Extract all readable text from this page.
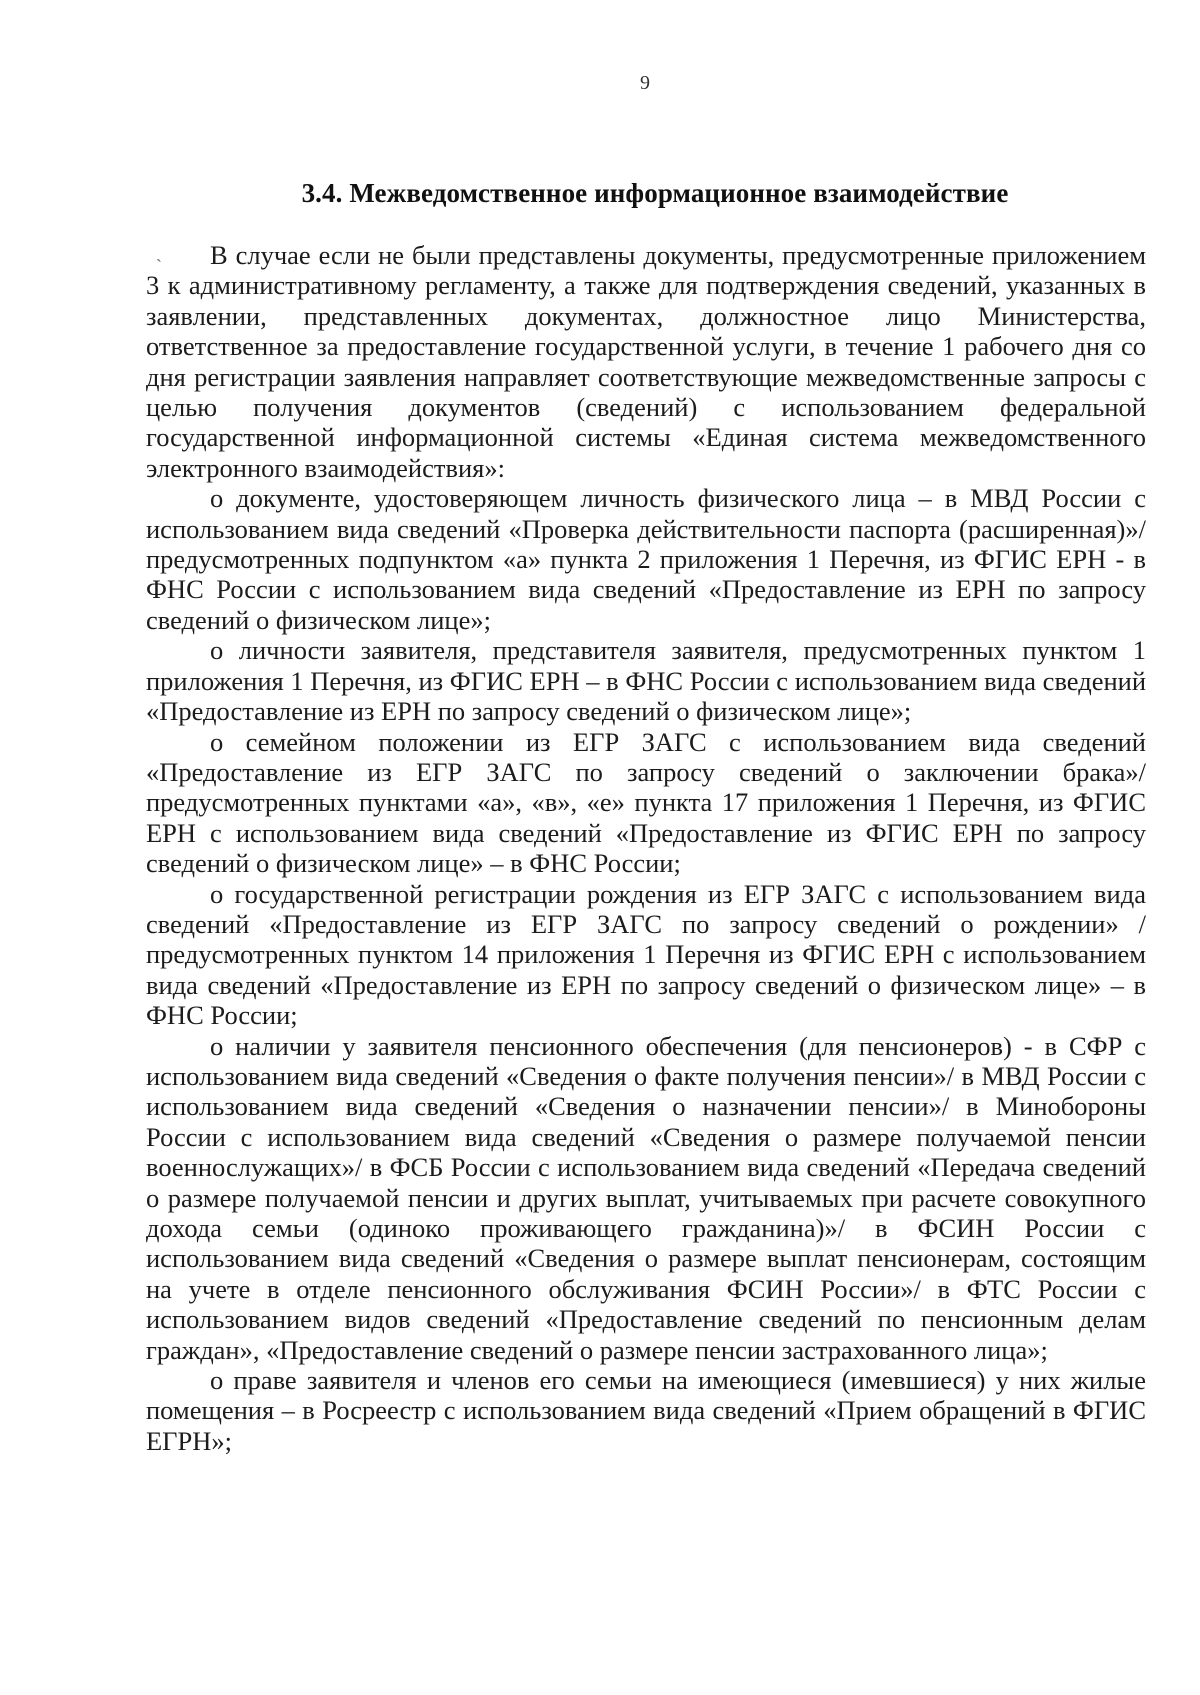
9
3.4. Межведомственное информационное взаимодействие
ˎ	В случае если не были представлены документы, предусмотренные приложением 3 к административному регламенту, а также для подтверждения сведений, указанных в заявлении, представленных документах, должностное лицо Министерства, ответственное за предоставление государственной услуги, в течение 1 рабочего дня со дня регистрации заявления направляет соответствующие межведомственные запросы с целью получения документов (сведений) с использованием федеральной государственной информационной системы «Единая система межведомственного электронного взаимодействия»:

о документе, удостоверяющем личность физического лица – в МВД России с использованием вида сведений «Проверка действительности паспорта (расширенная)»/предусмотренных подпунктом «а» пункта 2 приложения 1 Перечня, из ФГИС ЕРН - в ФНС России с использованием вида сведений «Предоставление из ЕРН по запросу сведений о физическом лице»;

о личности заявителя, представителя заявителя, предусмотренных пунктом 1 приложения 1 Перечня, из ФГИС ЕРН – в ФНС России с использованием вида сведений «Предоставление из ЕРН по запросу сведений о физическом лице»;

о семейном положении из ЕГР ЗАГС с использованием вида сведений «Предоставление из ЕГР ЗАГС по запросу сведений о заключении брака»/предусмотренных пунктами «а», «в», «е» пункта 17 приложения 1 Перечня, из ФГИС ЕРН с использованием вида сведений «Предоставление из ФГИС ЕРН по запросу сведений о физическом лице» – в ФНС России;

о государственной регистрации рождения из ЕГР ЗАГС с использованием вида сведений «Предоставление из ЕГР ЗАГС по запросу сведений о рождении» /предусмотренных пунктом 14 приложения 1 Перечня из ФГИС ЕРН с использованием вида сведений «Предоставление из ЕРН по запросу сведений о физическом лице» – в ФНС России;

о наличии у заявителя пенсионного обеспечения (для пенсионеров) - в СФР с использованием вида сведений «Сведения о факте получения пенсии»/ в МВД России с использованием вида сведений «Сведения о назначении пенсии»/ в Минобороны России с использованием вида сведений «Сведения о размере получаемой пенсии военнослужащих»/ в ФСБ России с использованием вида сведений «Передача сведений о размере получаемой пенсии и других выплат, учитываемых при расчете совокупного дохода семьи (одиноко проживающего гражданина)»/ в ФСИН России с использованием вида сведений «Сведения о размере выплат пенсионерам, состоящим на учете в отделе пенсионного обслуживания ФСИН России»/ в ФТС России с использованием видов сведений «Предоставление сведений по пенсионным делам граждан», «Предоставление сведений о размере пенсии застрахованного лица»;

о праве заявителя и членов его семьи на имеющиеся (имевшиеся) у них жилые помещения – в Росреестр с использованием вида сведений «Прием обращений в ФГИС ЕГРН»;
